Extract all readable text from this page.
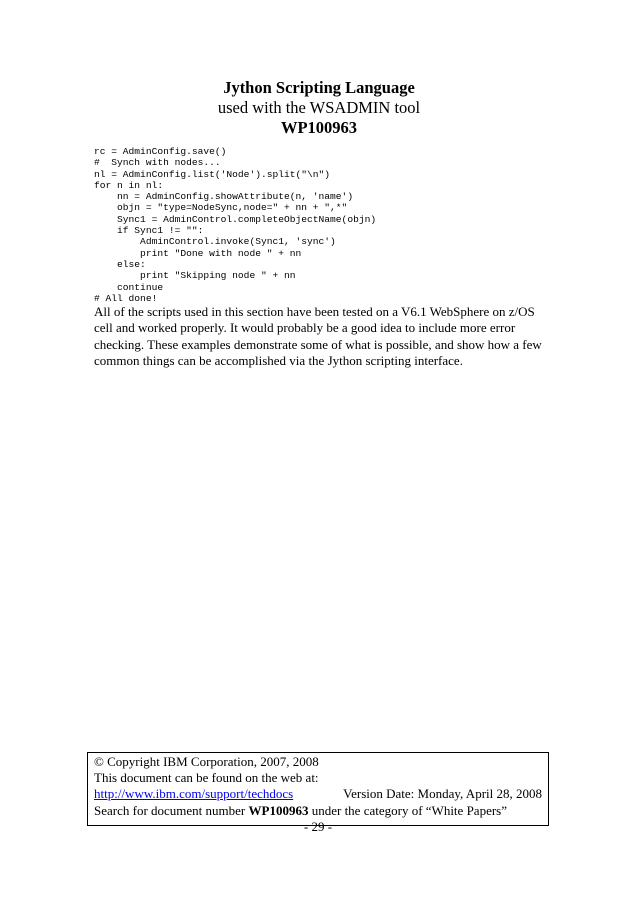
Jython Scripting Language
used with the WSADMIN tool
WP100963
rc = AdminConfig.save()
#  Synch with nodes...
nl = AdminConfig.list('Node').split("\n")
for n in nl:
nn = AdminConfig.showAttribute(n, 'name')
objn = "type=NodeSync,node=" + nn + ",*"
Sync1 = AdminControl.completeObjectName(objn)
if Sync1 != "":
AdminControl.invoke(Sync1, 'sync')
print "Done with node " + nn
else:
print "Skipping node " + nn
continue
# All done!

All of the scripts used in this section have been tested on a V6.1 WebSphere on z/OS cell and worked properly. It would probably be a good idea to include more error checking. These examples demonstrate some of what is possible, and show how a few common things can be accomplished via the Jython scripting interface.

© Copyright IBM Corporation, 2007, 2008
This document can be found on the web at:
http://www.ibm.com/support/techdocs	Version Date: Monday, April 28, 2008
Search for document number WP100963 under the category of “White Papers”
- 29 -
